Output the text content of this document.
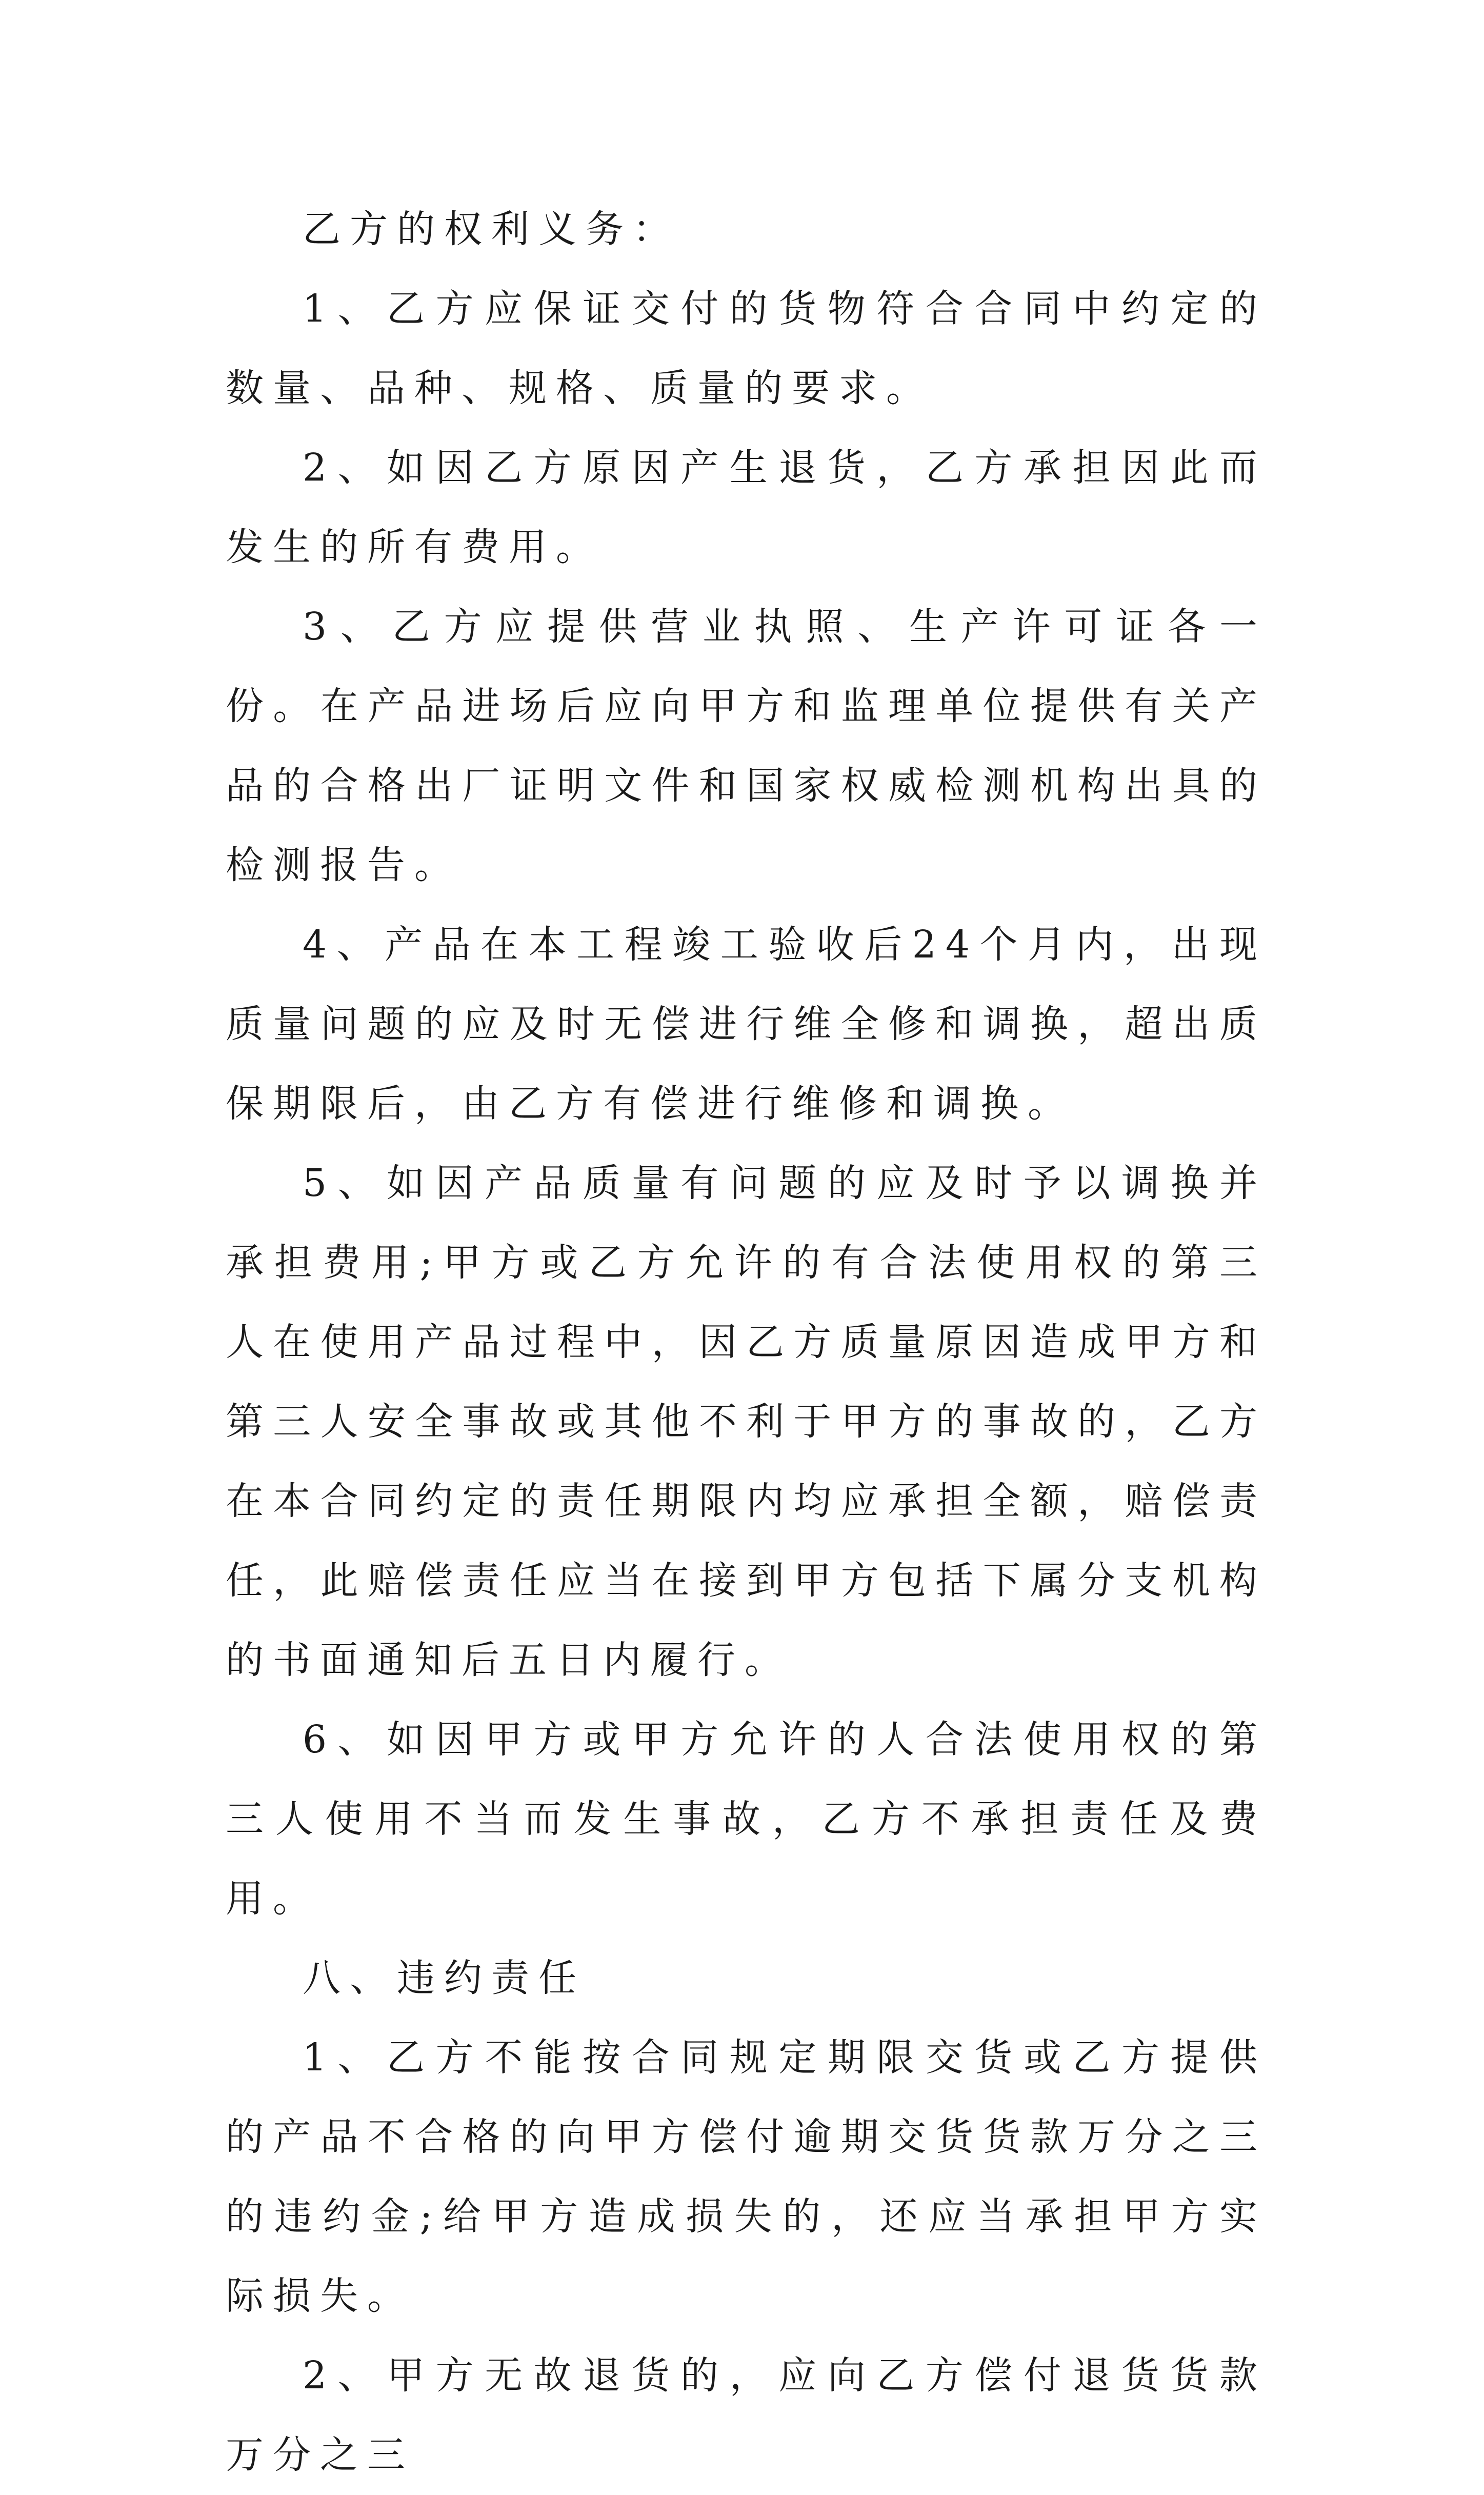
乙方的权利义务：

1、乙方应保证交付的货物符合合同中约定的数量、品种、规格、质量的要求。

2、如因乙方原因产生退货，乙方承担因此而发生的所有费用。

3、乙方应提供营业执照、生产许可证各一份。在产品进场后应向甲方和监理单位提供有关产品的合格出厂证明文件和国家权威检测机构出具的检测报告。

4、产品在本工程竣工验收后24个月内，出现质量问题的应及时无偿进行维全修和调换，超出质保期限后，由乙方有偿进行维修和调换。

5、如因产品质量有问题的应及时予以调换并承担费用;甲方或乙方允许的有合法使用权的第三人在使用产品过程中，因乙方质量原因造成甲方和第三人安全事故或其他不利于甲方的事故的，乙方在本合同约定的责任期限内均应承担全额，赔偿责任，此赔偿责任应当在接到甲方包括下属分支机构的书面通知后五日内履行。

6、如因甲方或甲方允许的人合法使用权的第三人使用不当而发生事故，乙方不承担责任及费用。

八、违约责任

1、乙方不能按合同规定期限交货或乙方提供的产品不合格的向甲方偿付逾期交货货款万分之三的违约金;给甲方造成损失的，还应当承担甲方实际损失。

2、甲方无故退货的，应向乙方偿付退货货款万分之三
